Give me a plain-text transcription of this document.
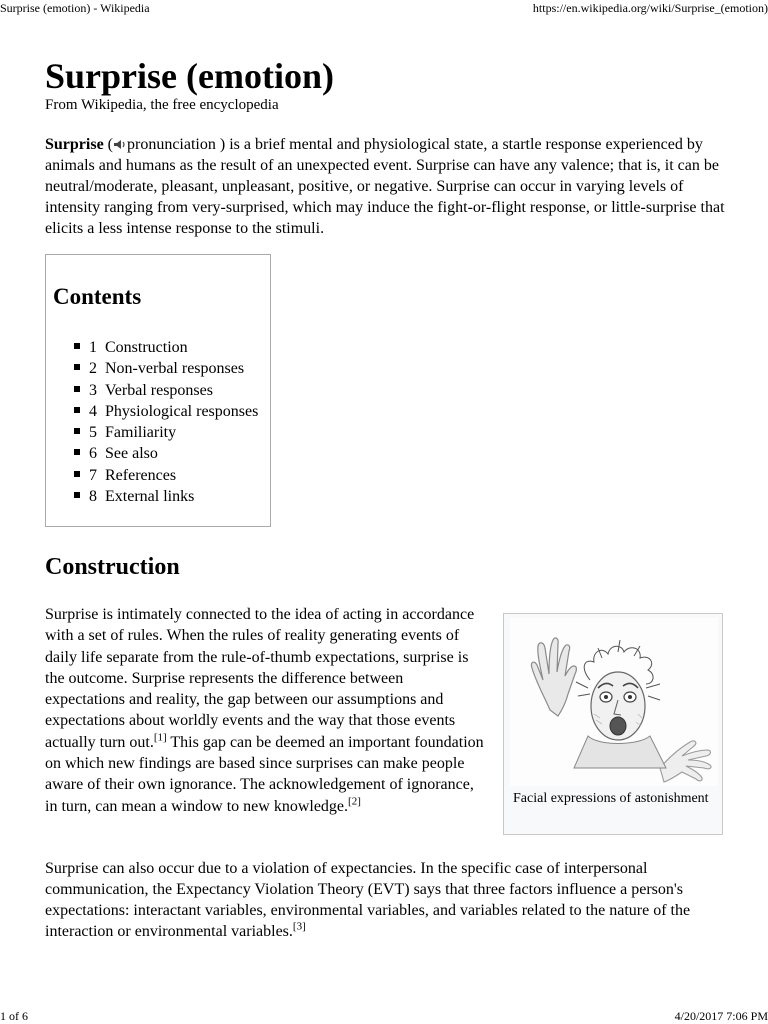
Surprise (emotion) - Wikipedia	https://en.wikipedia.org/wiki/Surprise_(emotion)
Surprise (emotion)
From Wikipedia, the free encyclopedia

Surprise ( pronunciation ) is a brief mental and physiological state, a startle response experienced by animals and humans as the result of an unexpected event. Surprise can have any valence; that is, it can be neutral/moderate, pleasant, unpleasant, positive, or negative. Surprise can occur in varying levels of intensity ranging from very-surprised, which may induce the fight-or-flight response, or little-surprise that elicits a less intense response to the stimuli.

Contents
1 Construction
2 Non-verbal responses
3 Verbal responses
4 Physiological responses
5 Familiarity
6 See also
7 References
8 External links
Construction

Surprise is intimately connected to the idea of acting in accordance with a set of rules. When the rules of reality generating events of daily life separate from the rule-of-thumb expectations, surprise is the outcome. Surprise represents the difference between expectations and reality, the gap between our assumptions and expectations about worldly events and the way that those events actually turn out.[1] This gap can be deemed an important foundation on which new findings are based since surprises can make people aware of their own ignorance. The acknowledgement of ignorance, in turn, can mean a window to new knowledge.[2]	Facial expressions of astonishment

Surprise can also occur due to a violation of expectancies. In the specific case of interpersonal communication, the Expectancy Violation Theory (EVT) says that three factors influence a person's expectations: interactant variables, environmental variables, and variables related to the nature of the interaction or environmental variables.[3]

1 of 6	4/20/2017 7:06 PM
